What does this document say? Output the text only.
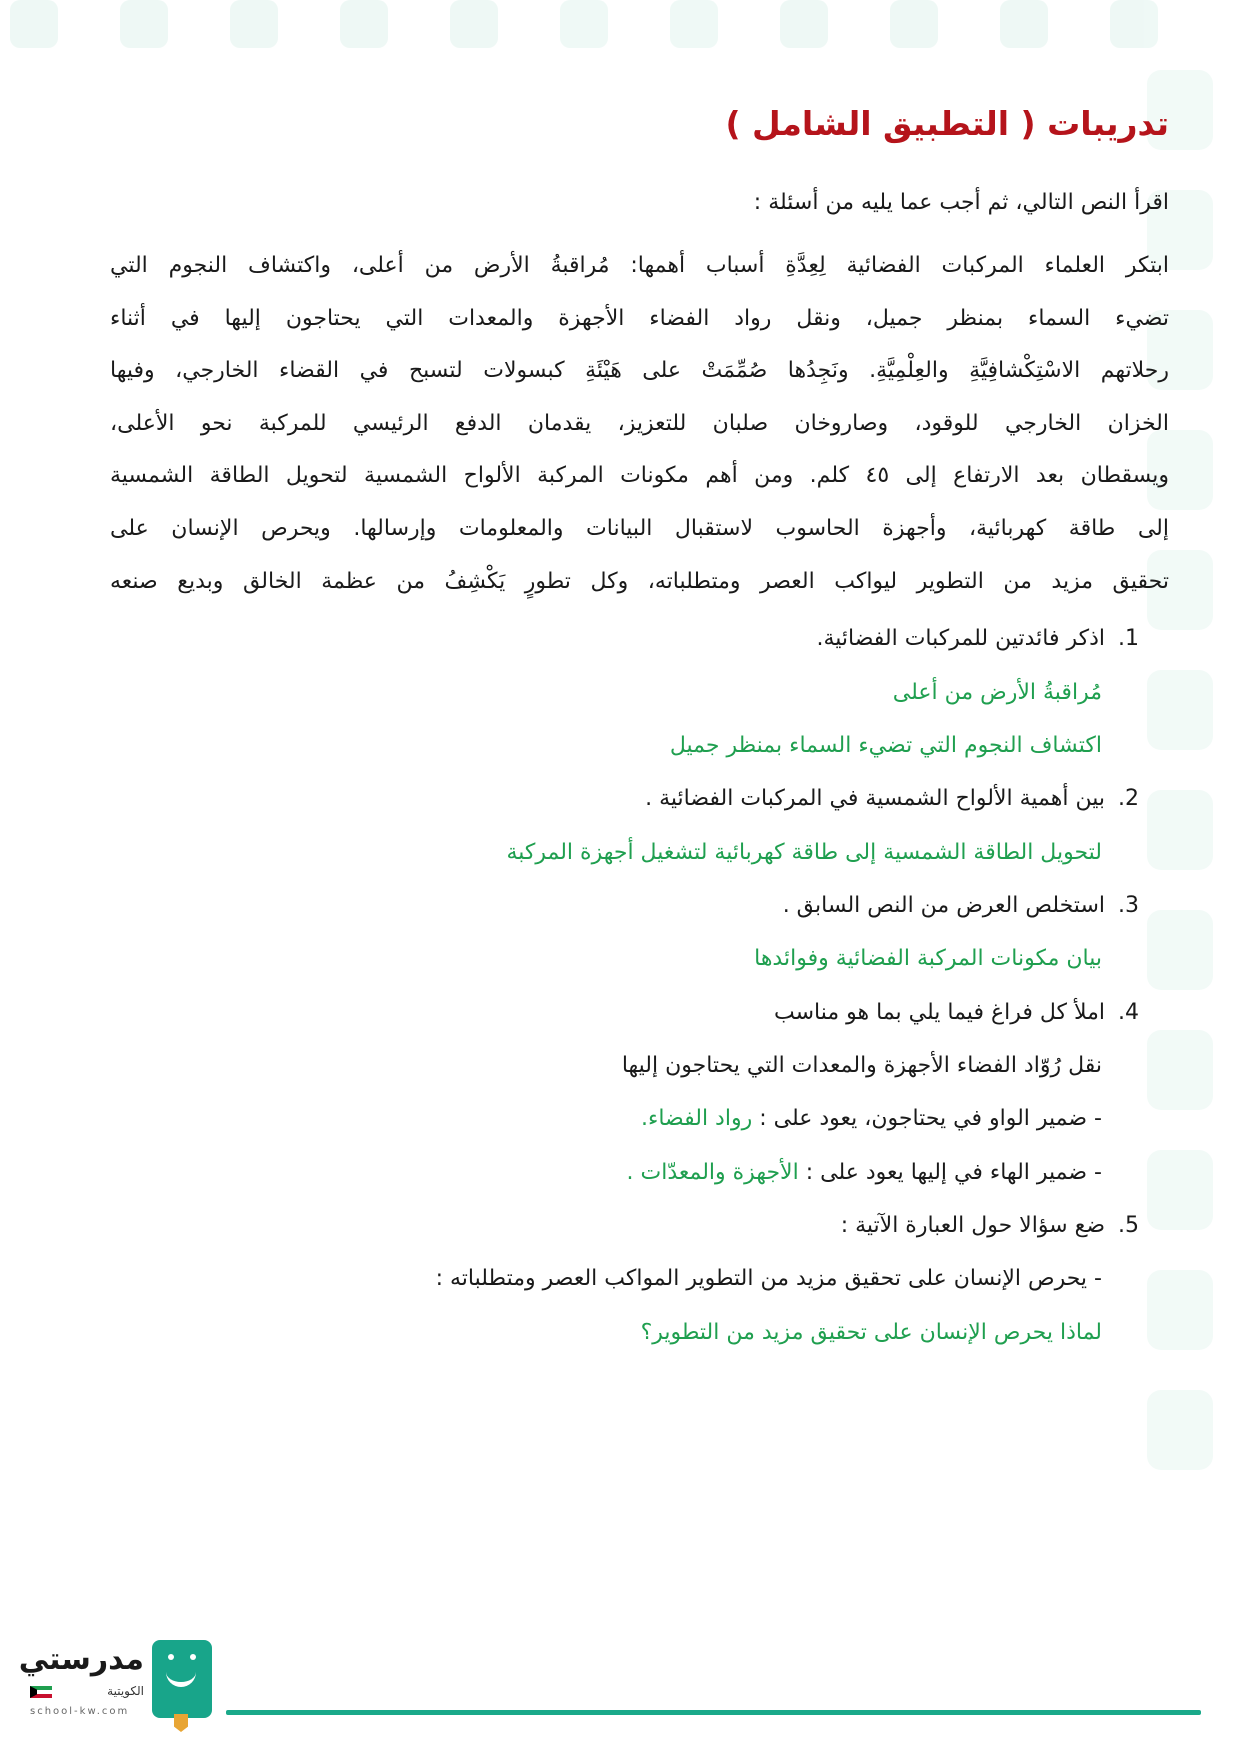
تدريبات ( التطبيق الشامل )
اقرأ النص التالي، ثم أجب عما يليه من أسئلة :
ابتكر العلماء المركبات الفضائية لِعِدَّةِ أسباب أهمها: مُراقبةُ الأرض من أعلى، واكتشاف النجوم التي
تضيء السماء بمنظر جميل، ونقل رواد الفضاء الأجهزة والمعدات التي يحتاجون إليها في أثناء
رحلاتهم الاسْتِكْشافِيَّةِ والعِلْمِيَّةِ. ونَجِدُها صُمِّمَتْ على هَيْئَةِ كبسولات لتسبح في القضاء الخارجي، وفيها
الخزان الخارجي للوقود، وصاروخان صلبان للتعزيز، يقدمان الدفع الرئيسي للمركبة نحو الأعلى،
ويسقطان بعد الارتفاع إلى ٤٥ كلم. ومن أهم مكونات المركبة الألواح الشمسية لتحويل الطاقة الشمسية
إلى طاقة كهربائية، وأجهزة الحاسوب لاستقبال البيانات والمعلومات وإرسالها. ويحرص الإنسان على
تحقيق مزيد من التطوير ليواكب العصر ومتطلباته، وكل تطورٍ يَكْشِفُ من عظمة الخالق وبديع صنعه
1. اذكر فائدتين للمركبات الفضائية.
مُراقبةُ الأرض من أعلى
اكتشاف النجوم التي تضيء السماء بمنظر جميل
2. بين أهمية الألواح الشمسية في المركبات الفضائية .
لتحويل الطاقة الشمسية إلى طاقة كهربائية لتشغيل أجهزة المركبة
3. استخلص العرض من النص السابق .
بيان مكونات المركبة الفضائية وفوائدها
4. املأ كل فراغ فيما يلي بما هو مناسب
نقل رُوّاد الفضاء الأجهزة والمعدات التي يحتاجون إليها
- ضمير الواو في يحتاجون، يعود على : رواد الفضاء.
- ضمير الهاء في إليها يعود على : الأجهزة والمعدّات .
5. ضع سؤالا حول العبارة الآتية :
- يحرص الإنسان على تحقيق مزيد من التطوير المواكب العصر ومتطلباته :
لماذا يحرص الإنسان على تحقيق مزيد من التطوير؟
مدرستي
الكويتية
school-kw.com
